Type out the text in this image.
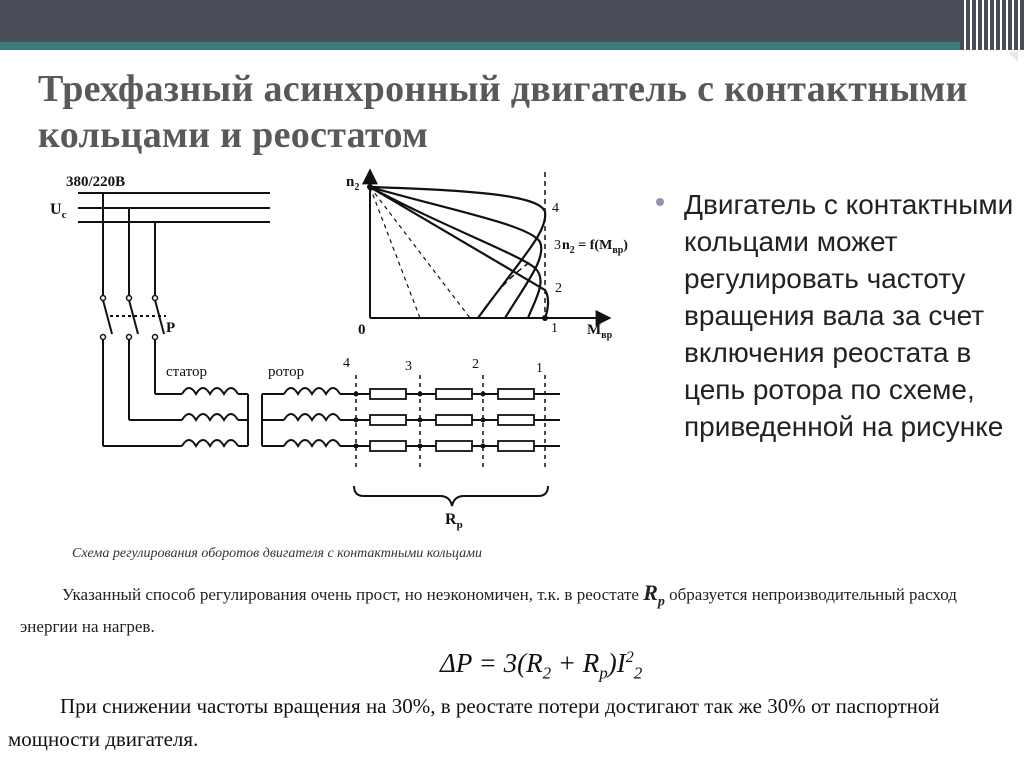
Трехфазный асинхронный двигатель с контактными кольцами и реостатом
Двигатель с контактными кольцами может регулировать частоту вращения вала за счет включения реостата в цепь ротора по схеме, приведенной на рисунке
380/220В
$U_c$
Р
статор	ротор
4	3	2	1
$R_p$
$n_2$
$M_{вр}$
0	1
4
3
2
$n_2 = f(M_{вр})$
Схема регулирования оборотов двигателя с контактными кольцами
Указанный способ регулирования очень прост, но неэкономичен, т.к. в реостате $R_p$ образуется непроизводительный расход энергии на нагрев.
$\Delta P = 3(R_2 + R_p)I^2_2$
При снижении частоты вращения на 30%, в реостате потери достигают так же 30% от паспортной мощности двигателя.
